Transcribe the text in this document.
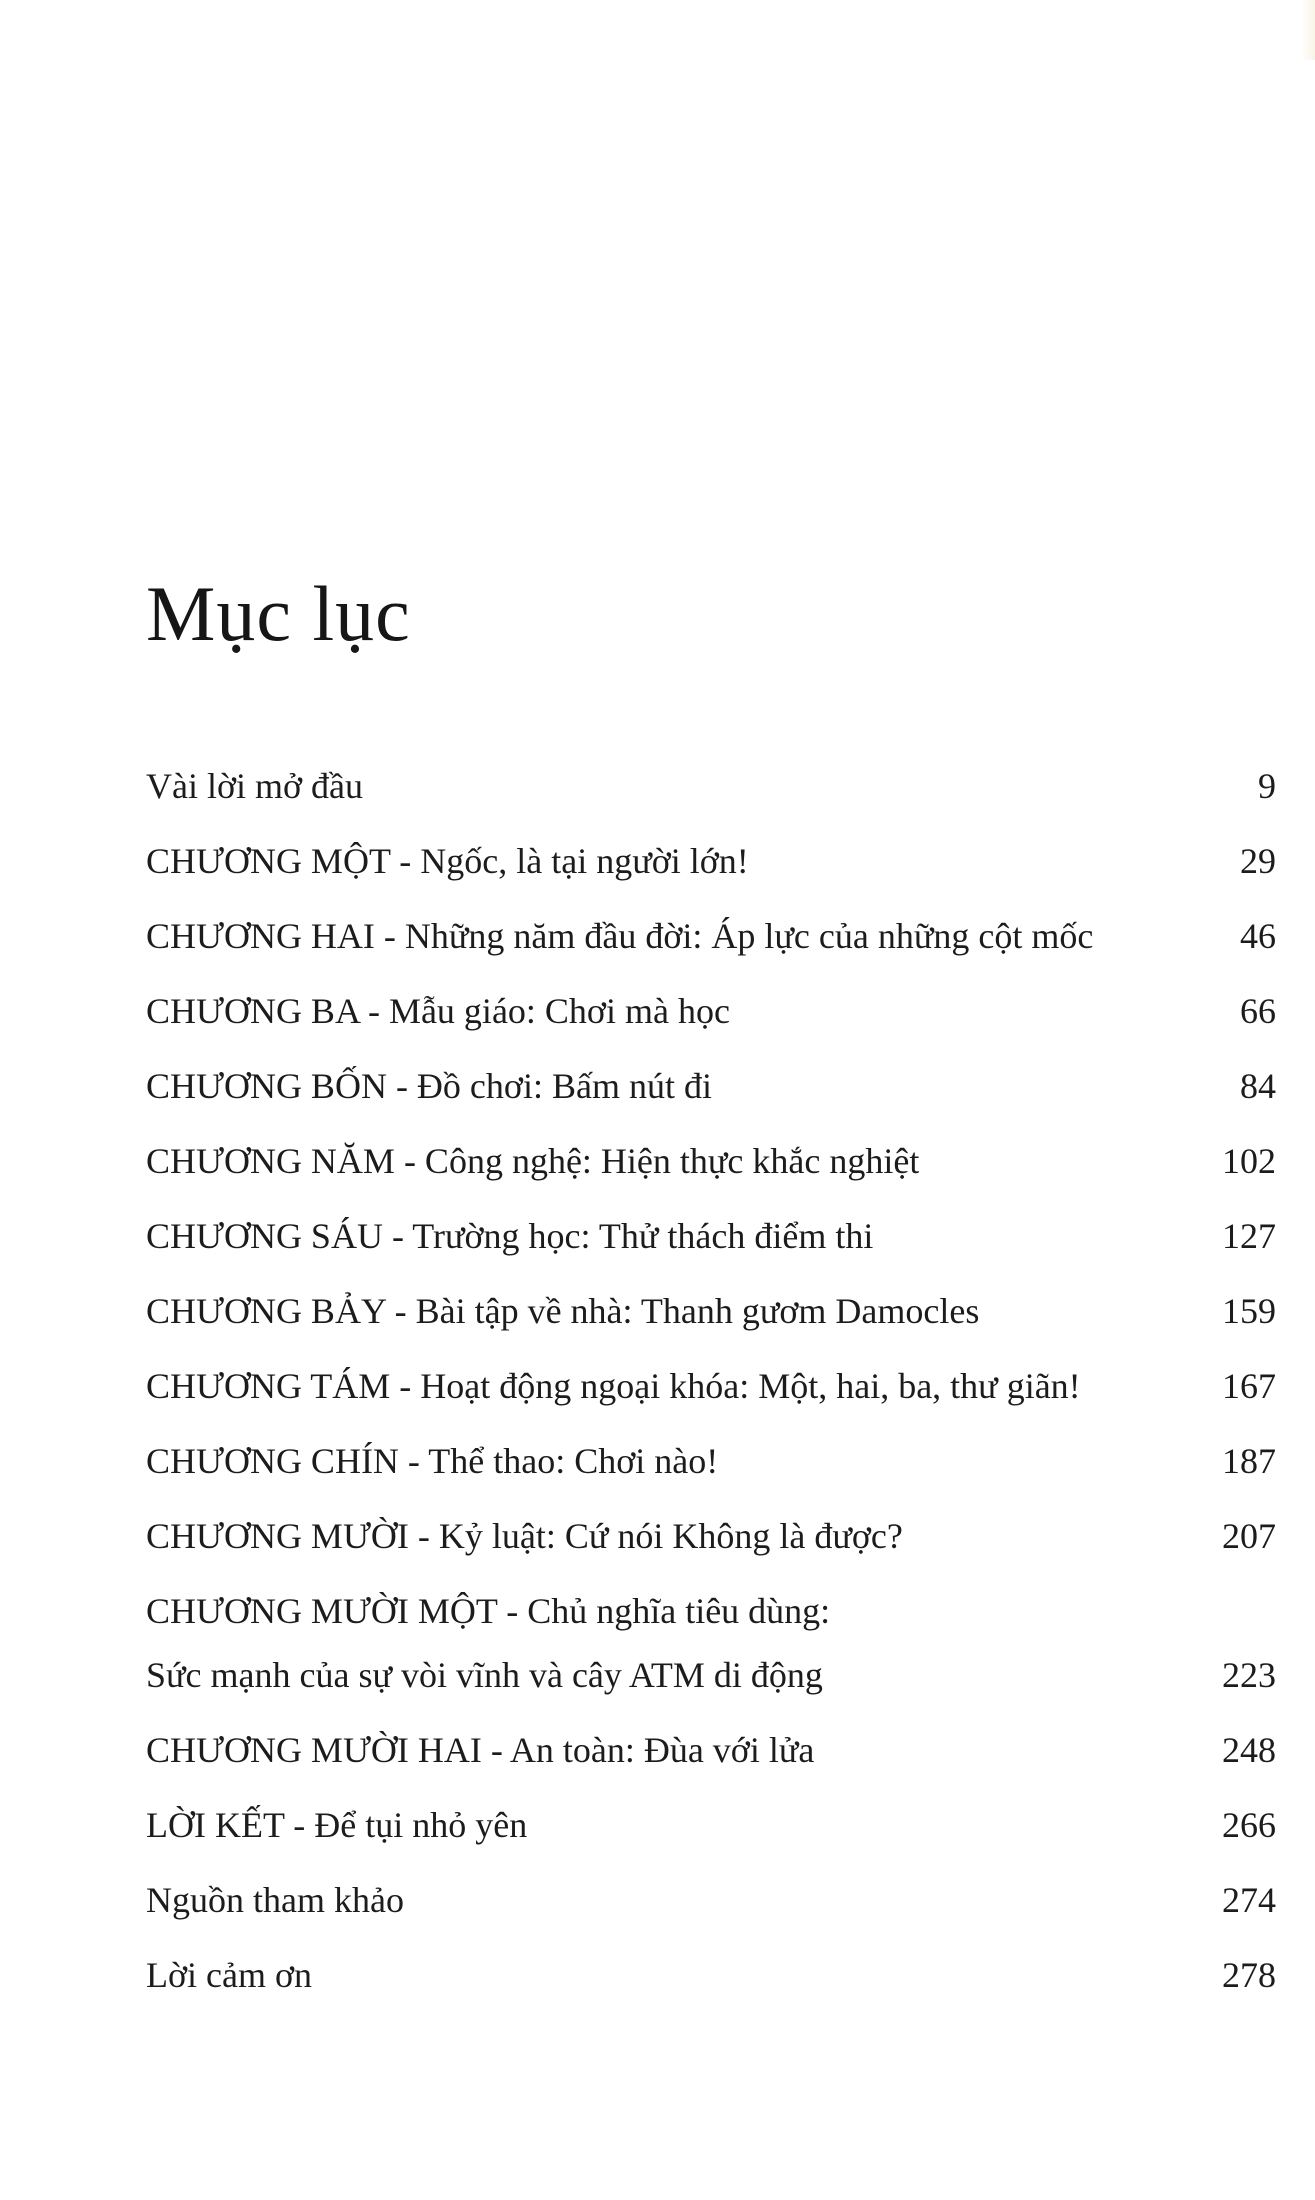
Mục lục
Vài lời mở đầu	9
CHƯƠNG MỘT - Ngốc, là tại người lớn!	29
CHƯƠNG HAI - Những năm đầu đời: Áp lực của những cột mốc	46
CHƯƠNG BA - Mẫu giáo: Chơi mà học	66
CHƯƠNG BỐN - Đồ chơi: Bấm nút đi	84
CHƯƠNG NĂM - Công nghệ: Hiện thực khắc nghiệt	102
CHƯƠNG SÁU - Trường học: Thử thách điểm thi	127
CHƯƠNG BẢY - Bài tập về nhà: Thanh gươm Damocles	159
CHƯƠNG TÁM - Hoạt động ngoại khóa: Một, hai, ba, thư giãn!	167
CHƯƠNG CHÍN - Thể thao: Chơi nào!	187
CHƯƠNG MƯỜI - Kỷ luật: Cứ nói Không là được?	207
CHƯƠNG MƯỜI MỘT - Chủ nghĩa tiêu dùng:
Sức mạnh của sự vòi vĩnh và cây ATM di động	223
CHƯƠNG MƯỜI HAI - An toàn: Đùa với lửa	248
LỜI KẾT - Để tụi nhỏ yên	266
Nguồn tham khảo	274
Lời cảm ơn	278
